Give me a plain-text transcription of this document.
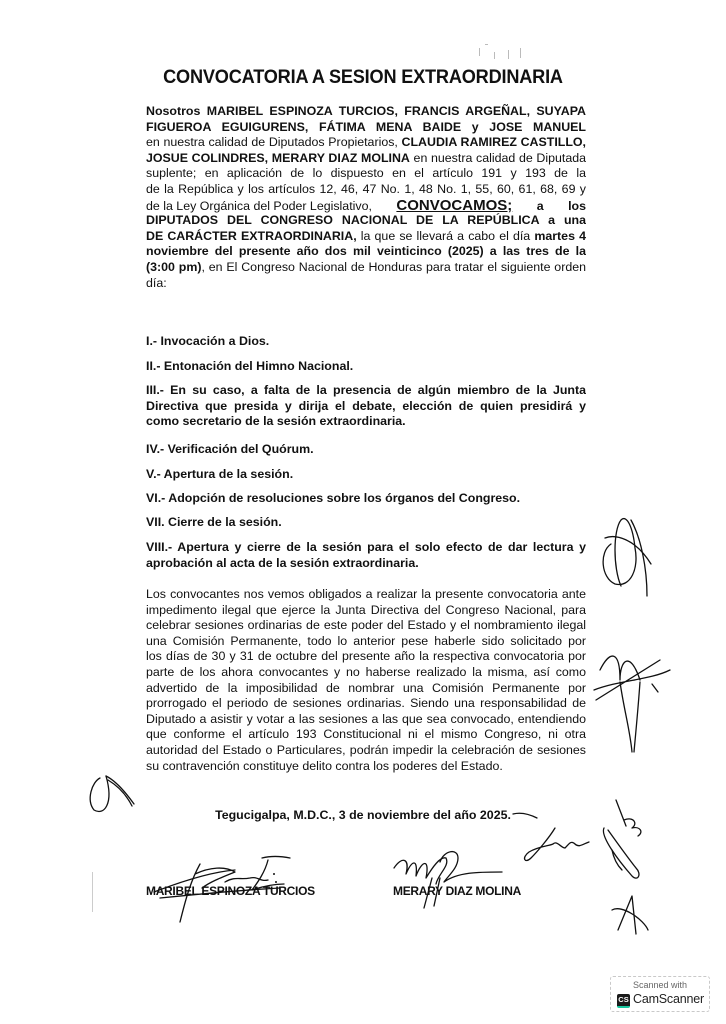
CONVOCATORIA A SESION EXTRAORDINARIA
Nosotros MARIBEL ESPINOZA TURCIOS, FRANCIS ARGEÑAL, SUYAPA
FIGUEROA EGUIGURENS, FÁTIMA MENA BAIDE y JOSE MANUEL
en nuestra calidad de Diputados Propietarios, CLAUDIA RAMIREZ CASTILLO,
JOSUE COLINDRES, MERARY DIAZ MOLINA en nuestra calidad de Diputada
suplente; en aplicación de lo dispuesto en el artículo 191 y 193 de la
de la República y los artículos 12, 46, 47 No. 1, 48 No. 1, 55, 60, 61, 68, 69 y
de la Ley Orgánica del Poder Legislativo, CONVOCAMOS; a los
DIPUTADOS DEL CONGRESO NACIONAL DE LA REPÚBLICA a una
DE CARÁCTER EXTRAORDINARIA, la que se llevará a cabo el día martes 4
noviembre del presente año dos mil veinticinco (2025) a las tres de la
(3:00 pm), en El Congreso Nacional de Honduras para tratar el siguiente orden
día:
I.- Invocación a Dios.
II.- Entonación del Himno Nacional.
III.- En su caso, a falta de la presencia de algún miembro de la Junta
Directiva que presida y dirija el debate, elección de quien presidirá y
como secretario de la sesión extraordinaria.
IV.- Verificación del Quórum.
V.- Apertura de la sesión.
VI.- Adopción de resoluciones sobre los órganos del Congreso.
VII. Cierre de la sesión.
VIII.- Apertura y cierre de la sesión para el solo efecto de dar lectura y
aprobación al acta de la sesión extraordinaria.
Los convocantes nos vemos obligados a realizar la presente convocatoria ante
impedimento ilegal que ejerce la Junta Directiva del Congreso Nacional, para
celebrar sesiones ordinarias de este poder del Estado y el nombramiento ilegal
una Comisión Permanente, todo lo anterior pese haberle sido solicitado por
los días de 30 y 31 de octubre del presente año la respectiva convocatoria por
parte de los ahora convocantes y no haberse realizado la misma, así como
advertido de la imposibilidad de nombrar una Comisión Permanente por
prorrogado el periodo de sesiones ordinarias. Siendo una responsabilidad de
Diputado a asistir y votar a las sesiones a las que sea convocado, entendiendo
que conforme el artículo 193 Constitucional ni el mismo Congreso, ni otra
autoridad del Estado o Particulares, podrán impedir la celebración de sesiones
su contravención constituye delito contra los poderes del Estado.
Tegucigalpa, M.D.C., 3 de noviembre del año 2025.
MARIBEL ESPINOZA TURCIOS	MERARY DIAZ MOLINA
Scanned with
CS CamScanner
